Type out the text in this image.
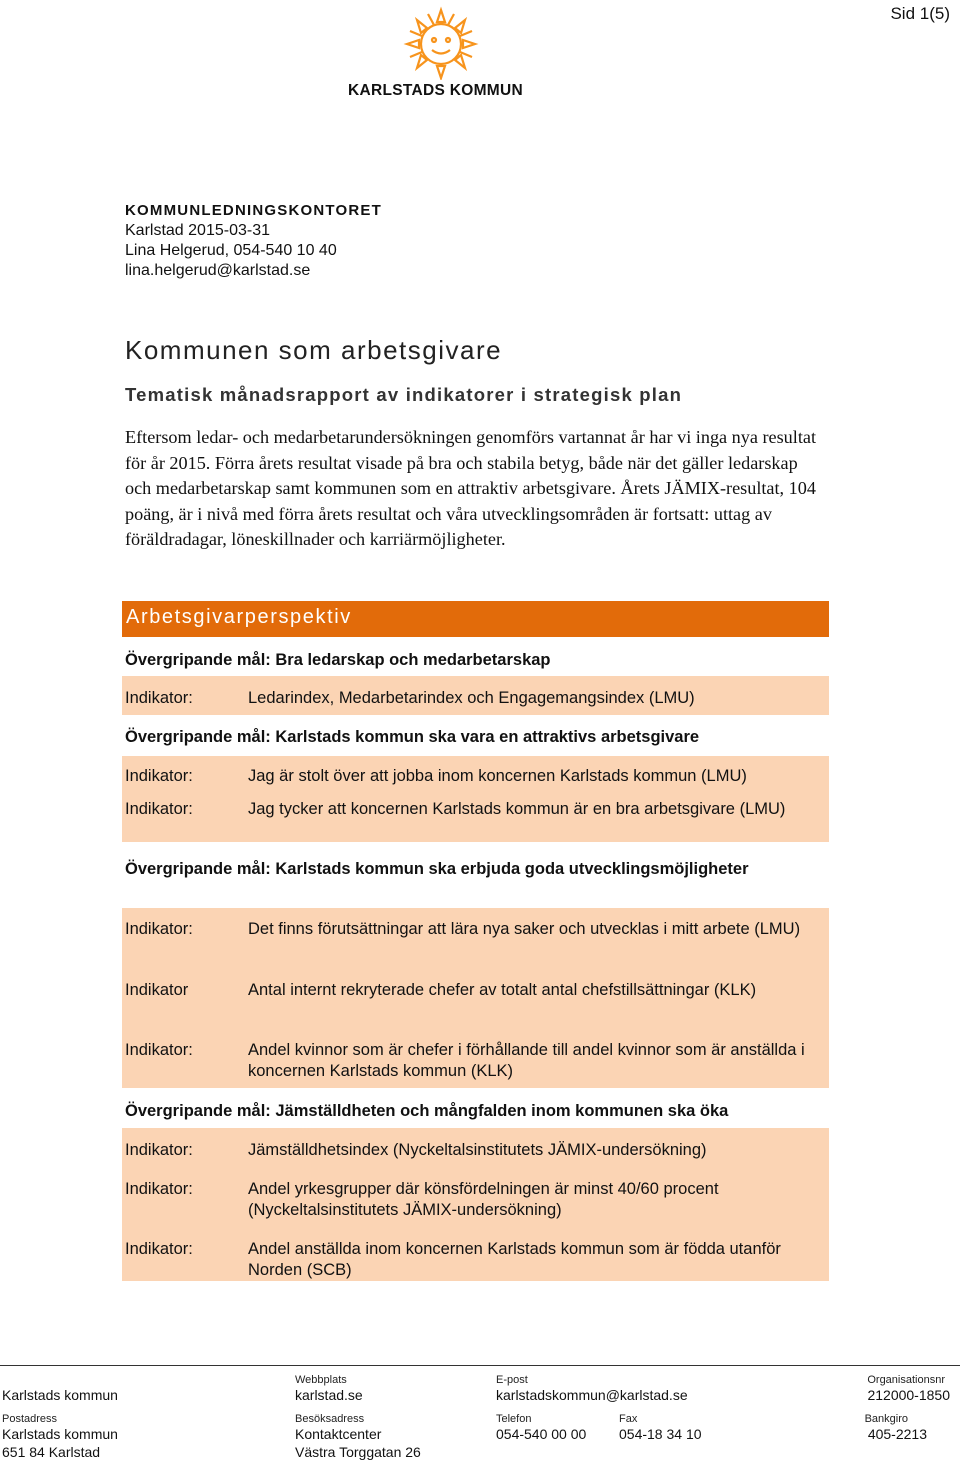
Sid 1(5)
KARLSTADS KOMMUN
KOMMUNLEDNINGSKONTORET
Karlstad 2015-03-31
Lina Helgerud, 054-540 10 40
lina.helgerud@karlstad.se
Kommunen som arbetsgivare
Tematisk månadsrapport av indikatorer i strategisk plan
Eftersom ledar- och medarbetarundersökningen genomförs vartannat år har vi inga nya resultat för år 2015. Förra årets resultat visade på bra och stabila betyg, både när det gäller ledarskap och medarbetarskap samt kommunen som en attraktiv arbetsgivare. Årets JÄMIX-resultat, 104 poäng, är i nivå med förra årets resultat och våra utvecklingsområden är fortsatt: uttag av föräldradagar, löneskillnader och karriärmöjligheter.
Arbetsgivarperspektiv
Övergripande mål: Bra ledarskap och medarbetarskap
Indikator:	Ledarindex, Medarbetarindex och Engagemangsindex (LMU)
Övergripande mål: Karlstads kommun ska vara en attraktivs arbetsgivare
Indikator:	Jag är stolt över att jobba inom koncernen Karlstads kommun (LMU)
Indikator:	Jag tycker att koncernen Karlstads kommun är en bra arbetsgivare (LMU)
Övergripande mål: Karlstads kommun ska erbjuda goda utvecklingsmöjligheter
Indikator:	Det finns förutsättningar att lära nya saker och utvecklas i mitt arbete (LMU)
Indikator	Antal internt rekryterade chefer av totalt antal chefstillsättningar (KLK)
Indikator:	Andel kvinnor som är chefer i förhållande till andel kvinnor som är anställda i koncernen Karlstads kommun (KLK)
Övergripande mål: Jämställdheten och mångfalden inom kommunen ska öka
Indikator:	Jämställdhetsindex (Nyckeltalsinstitutets JÄMIX-undersökning)
Indikator:	Andel yrkesgrupper där könsfördelningen är minst 40/60 procent (Nyckeltalsinstitutets JÄMIX-undersökning)
Indikator:	Andel anställda inom koncernen Karlstads kommun som är födda utanför Norden (SCB)
Webbplats	E-post	Organisationsnr
Karlstads kommun	karlstad.se	karlstadskommun@karlstad.se	212000-1850
Postadress	Besöksadress	Telefon	Fax	Bankgiro
Karlstads kommun	Kontaktcenter	054-540 00 00 054-18 34 10	405-2213
651 84 Karlstad	Västra Torggatan 26
